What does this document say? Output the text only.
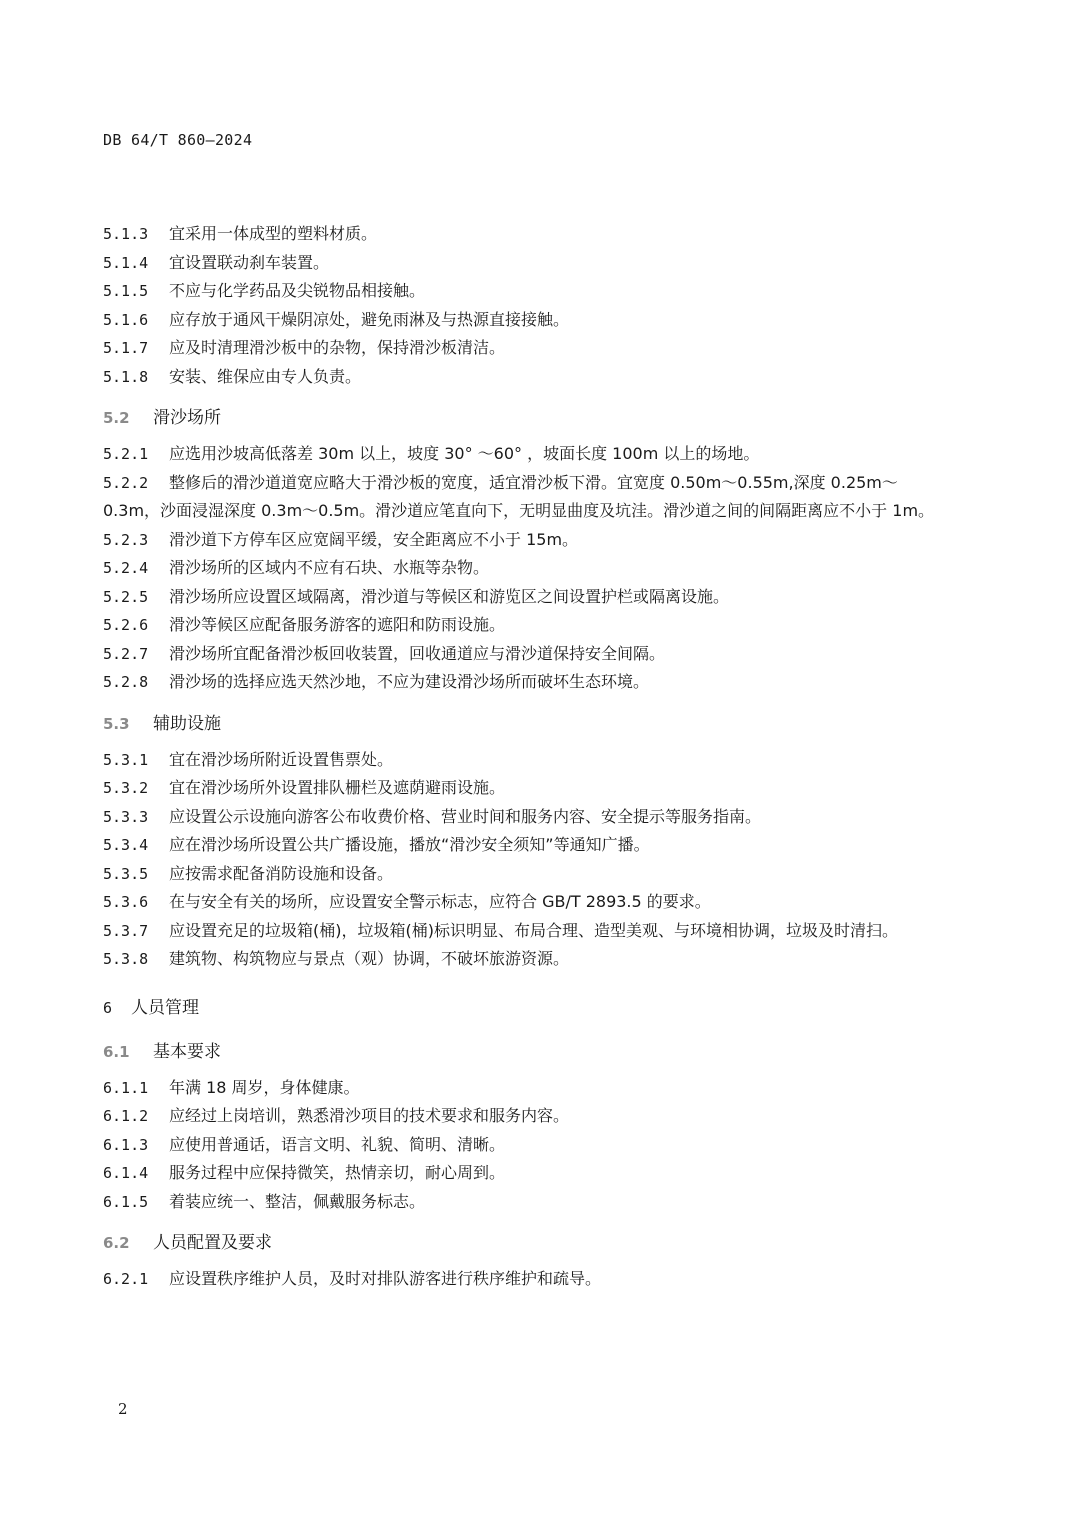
DB 64/T 860—2024

5.1.3 宜采用一体成型的塑料材质。

5.1.4 宜设置联动刹车装置。

5.1.5 不应与化学药品及尖锐物品相接触。

5.1.6 应存放于通风干燥阴凉处，避免雨淋及与热源直接接触。

5.1.7 应及时清理滑沙板中的杂物，保持滑沙板清洁。

5.1.8 安装、维保应由专人负责。

5.2 滑沙场所

5.2.1 应选用沙坡高低落差 30m 以上，坡度 30° ～60° ，坡面长度 100m 以上的场地。

5.2.2 整修后的滑沙道道宽应略大于滑沙板的宽度，适宜滑沙板下滑。宜宽度 0.50m～0.55m,深度 0.25m～0.3m，沙面浸湿深度 0.3m～0.5m。滑沙道应笔直向下，无明显曲度及坑洼。滑沙道之间的间隔距离应不小于 1m。

5.2.3 滑沙道下方停车区应宽阔平缓，安全距离应不小于 15m。

5.2.4 滑沙场所的区域内不应有石块、水瓶等杂物。

5.2.5 滑沙场所应设置区域隔离，滑沙道与等候区和游览区之间设置护栏或隔离设施。

5.2.6 滑沙等候区应配备服务游客的遮阳和防雨设施。

5.2.7 滑沙场所宜配备滑沙板回收装置，回收通道应与滑沙道保持安全间隔。

5.2.8 滑沙场的选择应选天然沙地，不应为建设滑沙场所而破坏生态环境。

5.3 辅助设施

5.3.1 宜在滑沙场所附近设置售票处。

5.3.2 宜在滑沙场所外设置排队栅栏及遮荫避雨设施。

5.3.3 应设置公示设施向游客公布收费价格、营业时间和服务内容、安全提示等服务指南。

5.3.4 应在滑沙场所设置公共广播设施，播放“滑沙安全须知”等通知广播。

5.3.5 应按需求配备消防设施和设备。

5.3.6 在与安全有关的场所，应设置安全警示标志，应符合 GB/T 2893.5 的要求。

5.3.7 应设置充足的垃圾箱(桶)，垃圾箱(桶)标识明显、布局合理、造型美观、与环境相协调，垃圾及时清扫。

5.3.8 建筑物、构筑物应与景点（观）协调，不破坏旅游资源。

6 人员管理

6.1 基本要求

6.1.1 年满 18 周岁，身体健康。

6.1.2 应经过上岗培训，熟悉滑沙项目的技术要求和服务内容。

6.1.3 应使用普通话，语言文明、礼貌、简明、清晰。

6.1.4 服务过程中应保持微笑，热情亲切，耐心周到。

6.1.5 着装应统一、整洁，佩戴服务标志。

6.2 人员配置及要求

6.2.1 应设置秩序维护人员，及时对排队游客进行秩序维护和疏导。

2
